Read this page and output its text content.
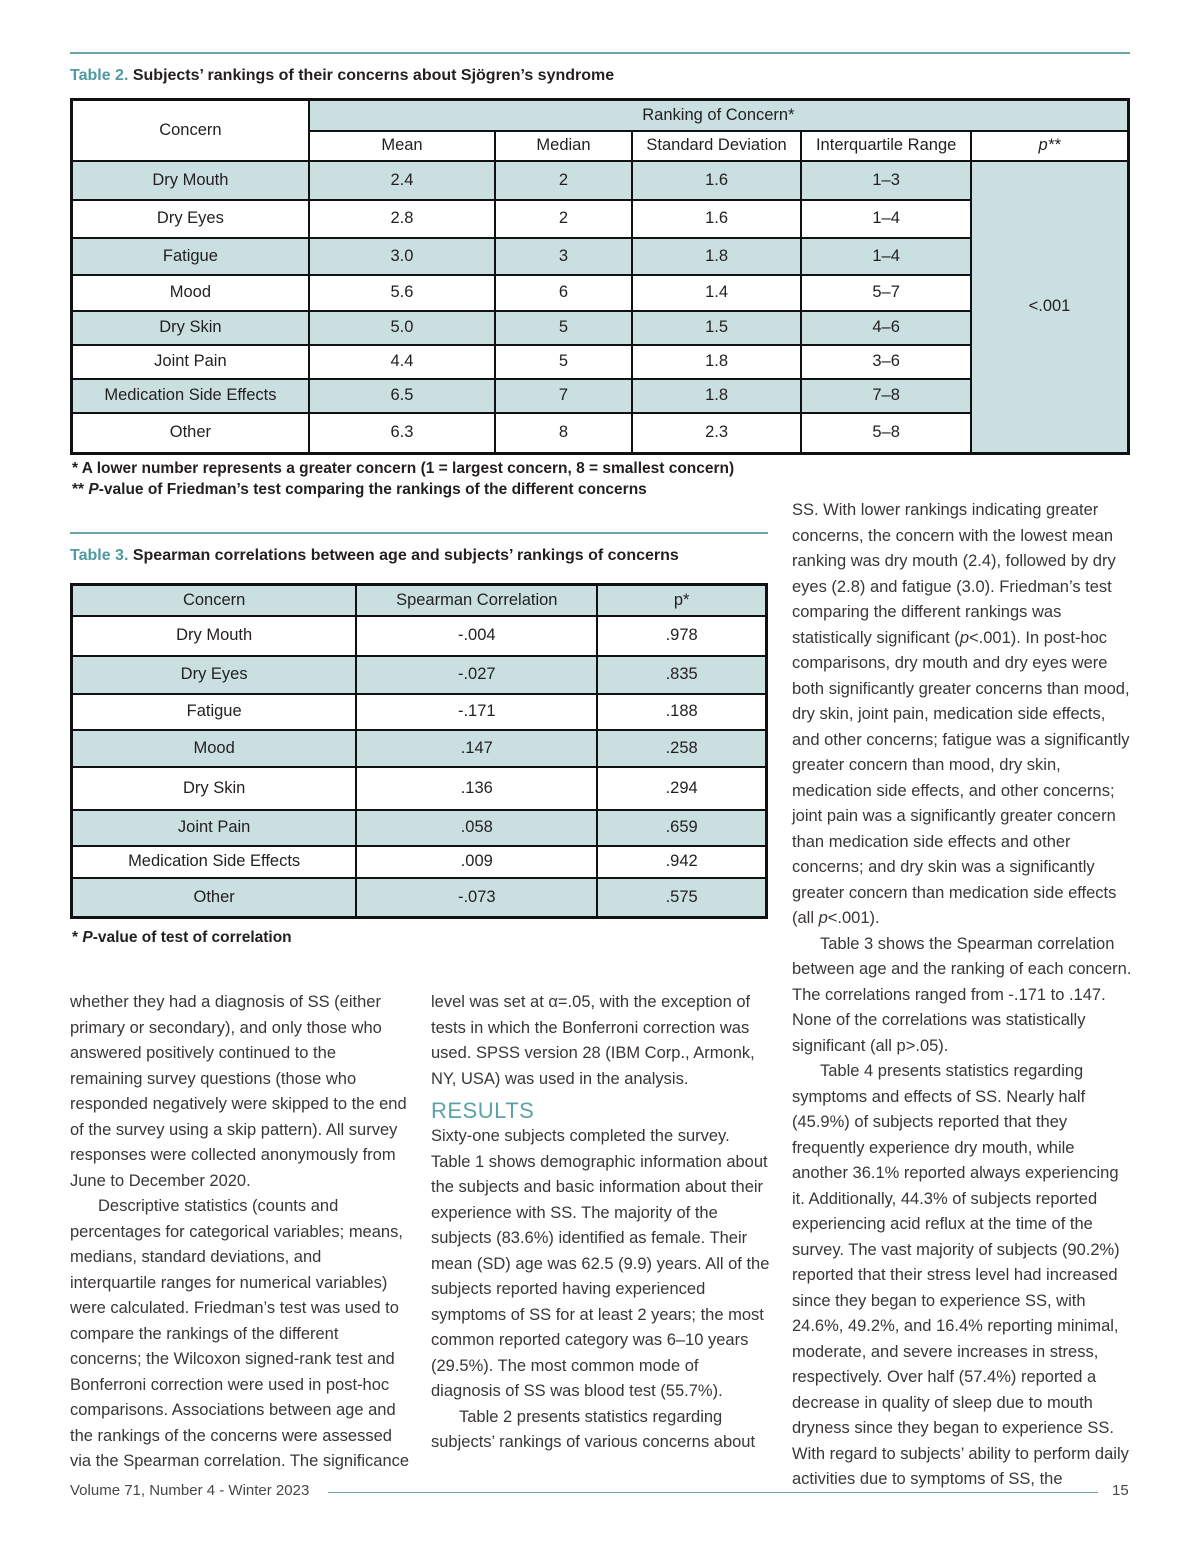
Table 2. Subjects’ rankings of their concerns about Sjögren’s syndrome
Concern	Ranking of Concern*				
	Mean	Median	Standard Deviation	Interquartile Range	p**
Dry Mouth	2.4	2	1.6	1–3	<.001
Dry Eyes	2.8	2	1.6	1–4	
Fatigue	3.0	3	1.8	1–4	
Mood	5.6	6	1.4	5–7	
Dry Skin	5.0	5	1.5	4–6	
Joint Pain	4.4	5	1.8	3–6	
Medication Side Effects	6.5	7	1.8	7–8	
Other	6.3	8	2.3	5–8	
* A lower number represents a greater concern (1 = largest concern, 8 = smallest concern)
** P-value of Friedman’s test comparing the rankings of the different concerns
Table 3. Spearman correlations between age and subjects’ rankings of concerns
Concern	Spearman Correlation	p*
Dry Mouth	-.004	.978
Dry Eyes	-.027	.835
Fatigue	-.171	.188
Mood	.147	.258
Dry Skin	.136	.294
Joint Pain	.058	.659
Medication Side Effects	.009	.942
Other	-.073	.575
* P-value of test of correlation

whether they had a diagnosis of SS (either primary or secondary), and only those who answered positively continued to the remaining survey questions (those who responded negatively were skipped to the end of the survey using a skip pattern). All survey responses were collected anonymously from June to December 2020.

Descriptive statistics (counts and percentages for categorical variables; means, medians, standard deviations, and interquartile ranges for numerical variables) were calculated. Friedman’s test was used to compare the rankings of the different concerns; the Wilcoxon signed-rank test and Bonferroni correction were used in post-hoc comparisons. Associations between age and the rankings of the concerns were assessed via the Spearman correlation. The significance

level was set at α=.05, with the exception of tests in which the Bonferroni correction was used. SPSS version 28 (IBM Corp., Armonk, NY, USA) was used in the analysis.

RESULTS

Sixty-one subjects completed the survey. Table 1 shows demographic information about the subjects and basic information about their experience with SS. The majority of the subjects (83.6%) identified as female. Their mean (SD) age was 62.5 (9.9) years. All of the subjects reported having experienced symptoms of SS for at least 2 years; the most common reported category was 6–10 years (29.5%). The most common mode of diagnosis of SS was blood test (55.7%).

Table 2 presents statistics regarding subjects’ rankings of various concerns about

SS. With lower rankings indicating greater concerns, the concern with the lowest mean ranking was dry mouth (2.4), followed by dry eyes (2.8) and fatigue (3.0). Friedman’s test comparing the different rankings was statistically significant (p<.001). In post-hoc comparisons, dry mouth and dry eyes were both significantly greater concerns than mood, dry skin, joint pain, medication side effects, and other concerns; fatigue was a significantly greater concern than mood, dry skin, medication side effects, and other concerns; joint pain was a significantly greater concern than medication side effects and other concerns; and dry skin was a significantly greater concern than medication side effects (all p<.001).

Table 3 shows the Spearman correlation between age and the ranking of each concern. The correlations ranged from -.171 to .147. None of the correlations was statistically significant (all p>.05).

Table 4 presents statistics regarding symptoms and effects of SS. Nearly half (45.9%) of subjects reported that they frequently experience dry mouth, while another 36.1% reported always experiencing it. Additionally, 44.3% of subjects reported experiencing acid reflux at the time of the survey. The vast majority of subjects (90.2%) reported that their stress level had increased since they began to experience SS, with 24.6%, 49.2%, and 16.4% reporting minimal, moderate, and severe increases in stress, respectively. Over half (57.4%) reported a decrease in quality of sleep due to mouth dryness since they began to experience SS. With regard to subjects’ ability to perform daily activities due to symptoms of SS, the

Volume 71, Number 4 - Winter 2023	15
